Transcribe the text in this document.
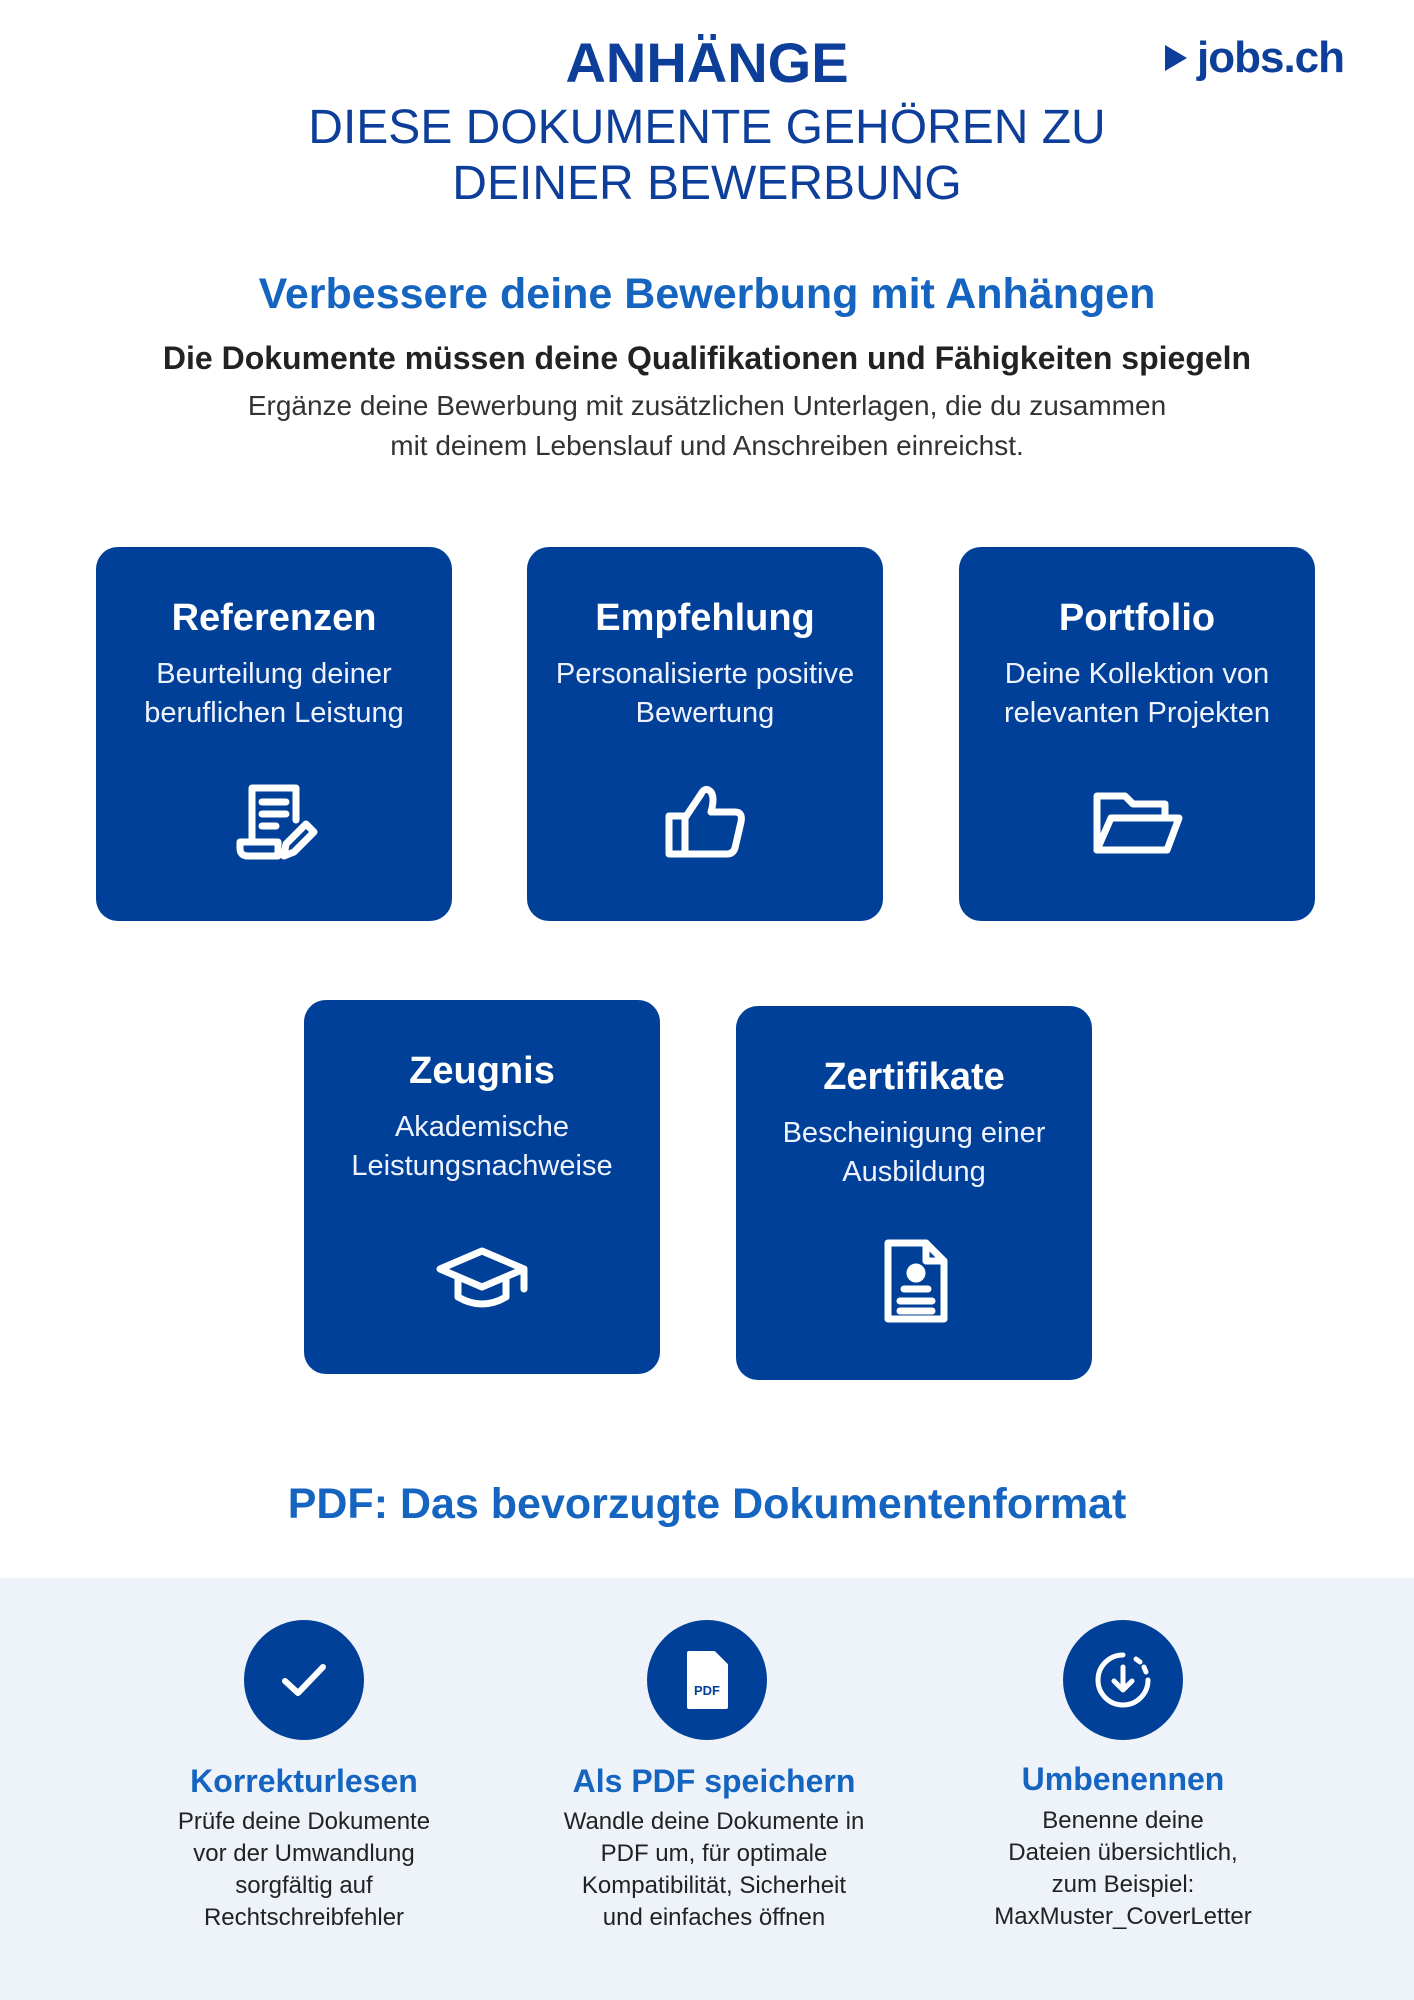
jobs.ch
ANHÄNGE
DIESE DOKUMENTE GEHÖREN ZU
DEINER BEWERBUNG
Verbessere deine Bewerbung mit Anhängen
Die Dokumente müssen deine Qualifikationen und Fähigkeiten spiegeln
Ergänze deine Bewerbung mit zusätzlichen Unterlagen, die du zusammen
mit deinem Lebenslauf und Anschreiben einreichst.
Referenzen
Beurteilung deiner
beruflichen Leistung
Empfehlung
Personalisierte positive
Bewertung
Portfolio
Deine Kollektion von
relevanten Projekten
Zeugnis
Akademische
Leistungsnachweise
Zertifikate
Bescheinigung einer
Ausbildung
PDF: Das bevorzugte Dokumentenformat
Korrekturlesen
Prüfe deine Dokumente
vor der Umwandlung
sorgfältig auf
Rechtschreibfehler
PDF
Als PDF speichern
Wandle deine Dokumente in
PDF um, für optimale
Kompatibilität, Sicherheit
und einfaches öffnen
Umbenennen
Benenne deine
Dateien übersichtlich,
zum Beispiel:
MaxMuster_CoverLetter
